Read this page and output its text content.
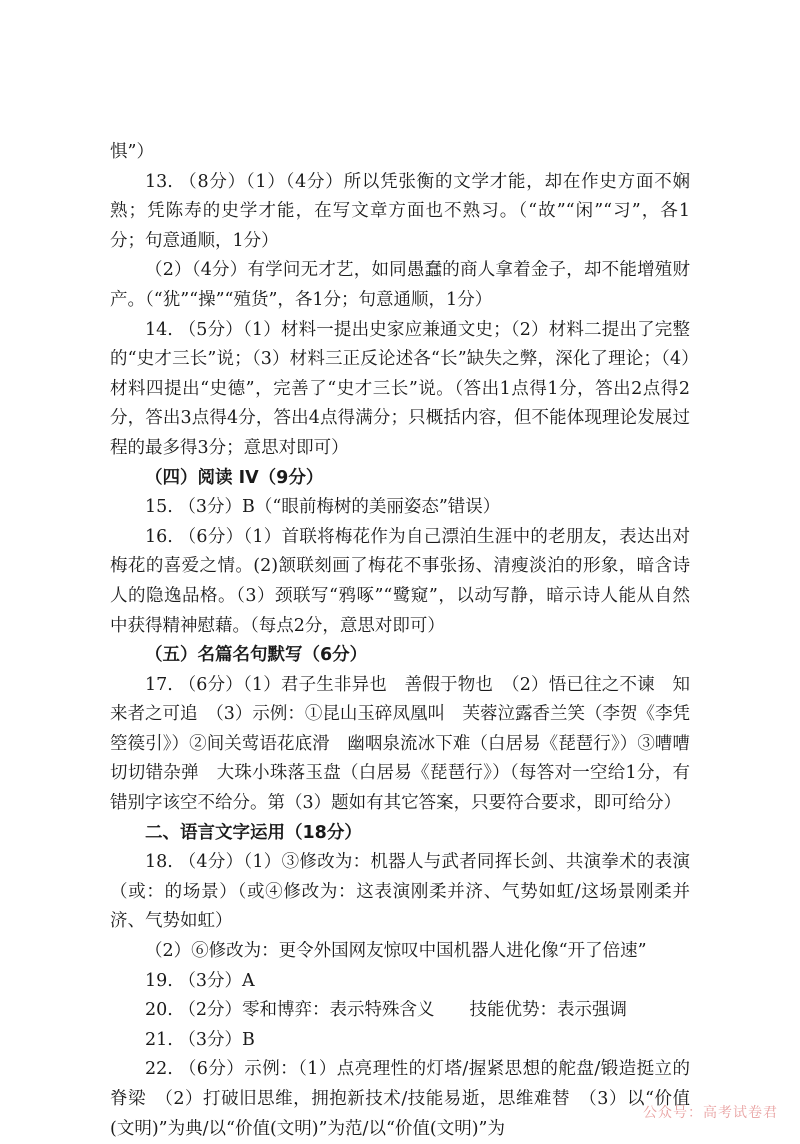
惧”）

13. （8分）（1）（4分）所以凭张衡的文学才能，却在作史方面不娴熟；凭陈寿的史学才能，在写文章方面也不熟习。（“故”“闲”“习”，各1分；句意通顺，1分）

（2）（4分）有学问无才艺，如同愚蠢的商人拿着金子，却不能增殖财产。（“犹”“操”“殖货”，各1分；句意通顺，1分）

14. （5分）（1）材料一提出史家应兼通文史；（2）材料二提出了完整的“史才三长”说；（3）材料三正反论述各“长”缺失之弊，深化了理论；（4）材料四提出“史德”，完善了“史才三长”说。（答出1点得1分，答出2点得2分，答出3点得4分，答出4点得满分；只概括内容，但不能体现理论发展过程的最多得3分；意思对即可）

（四）阅读 IV（9分）

15. （3分）B（“眼前梅树的美丽姿态”错误）

16. （6分）（1）首联将梅花作为自己漂泊生涯中的老朋友，表达出对梅花的喜爱之情。(2)颔联刻画了梅花不事张扬、清瘦淡泊的形象，暗含诗人的隐逸品格。（3）颈联写“鸦啄”“鹭窥”，以动写静，暗示诗人能从自然中获得精神慰藉。（每点2分，意思对即可）

（五）名篇名句默写（6分）

17. （6分）（1）君子生非异也　善假于物也　（2）悟已往之不谏　知来者之可追　（3）示例：①昆山玉碎凤凰叫　芙蓉泣露香兰笑（李贺《李凭箜篌引》）②间关莺语花底滑　幽咽泉流冰下难（白居易《琵琶行》）③嘈嘈切切错杂弹　大珠小珠落玉盘（白居易《琵琶行》）（每答对一空给1分，有错别字该空不给分。第（3）题如有其它答案，只要符合要求，即可给分）

二、语言文字运用（18分）

18. （4分）（1）③修改为：机器人与武者同挥长剑、共演拳术的表演（或：的场景）（或④修改为：这表演刚柔并济、气势如虹/这场景刚柔并济、气势如虹）

（2）⑥修改为：更令外国网友惊叹中国机器人进化像“开了倍速”

19. （3分）A

20. （2分）零和博弈：表示特殊含义　　技能优势：表示强调

21. （3分）B

22. （6分）示例：（1）点亮理性的灯塔/握紧思想的舵盘/锻造挺立的脊梁　（2）打破旧思维，拥抱新技术/技能易逝，思维难替　（3）以“价值(文明)”为典/以“价值(文明)”为范/以“价值(文明)”为

公众号：高考试卷君
